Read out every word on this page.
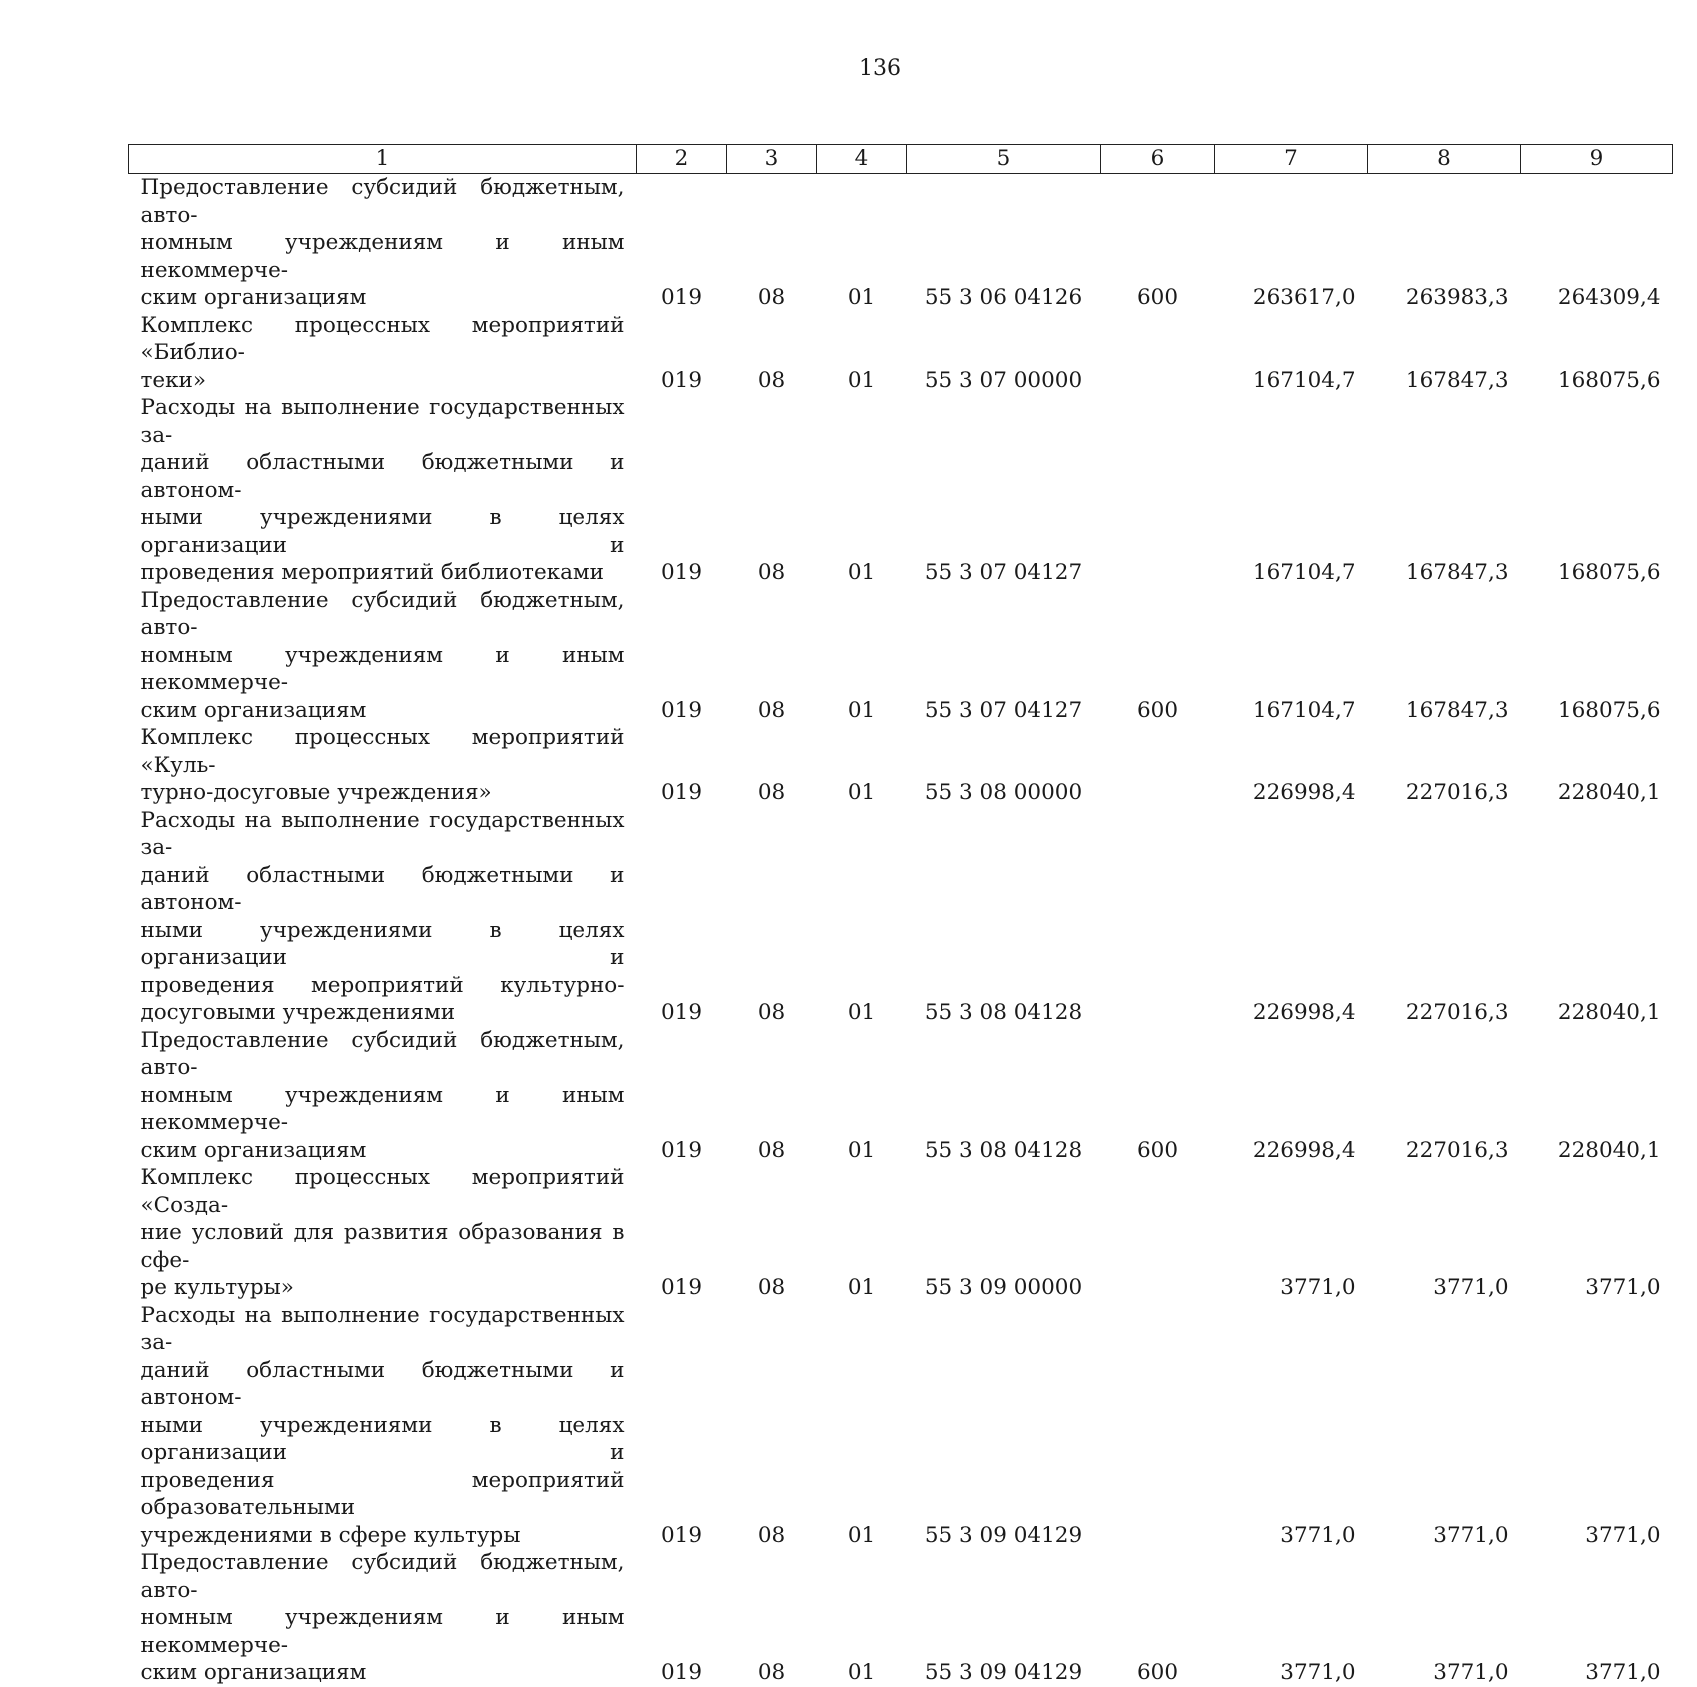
136
1	2	3	4	5	6	7	8	9

Предоставление субсидий бюджетным, авто-
номным учреждениям и иным некоммерче-
ским организациям	019	08	01	55 3 06 04126	600	263617,0	263983,3	264309,4

Комплекс процессных мероприятий «Библио-
теки»	019	08	01	55 3 07 00000		167104,7	167847,3	168075,6

Расходы на выполнение государственных за-
даний областными бюджетными и автоном-
ными учреждениями в целях организации и
проведения мероприятий библиотеками	019	08	01	55 3 07 04127		167104,7	167847,3	168075,6

Предоставление субсидий бюджетным, авто-
номным учреждениям и иным некоммерче-
ским организациям	019	08	01	55 3 07 04127	600	167104,7	167847,3	168075,6

Комплекс процессных мероприятий «Куль-
турно-досуговые учреждения»	019	08	01	55 3 08 00000		226998,4	227016,3	228040,1

Расходы на выполнение государственных за-
даний областными бюджетными и автоном-
ными учреждениями в целях организации и
проведения мероприятий культурно-
досуговыми учреждениями	019	08	01	55 3 08 04128		226998,4	227016,3	228040,1

Предоставление субсидий бюджетным, авто-
номным учреждениям и иным некоммерче-
ским организациям	019	08	01	55 3 08 04128	600	226998,4	227016,3	228040,1

Комплекс процессных мероприятий «Созда-
ние условий для развития образования в сфе-
ре культуры»	019	08	01	55 3 09 00000		3771,0	3771,0	3771,0

Расходы на выполнение государственных за-
даний областными бюджетными и автоном-
ными учреждениями в целях организации и
проведения мероприятий образовательными
учреждениями в сфере культуры	019	08	01	55 3 09 04129		3771,0	3771,0	3771,0

Предоставление субсидий бюджетным, авто-
номным учреждениям и иным некоммерче-
ским организациям	019	08	01	55 3 09 04129	600	3771,0	3771,0	3771,0
